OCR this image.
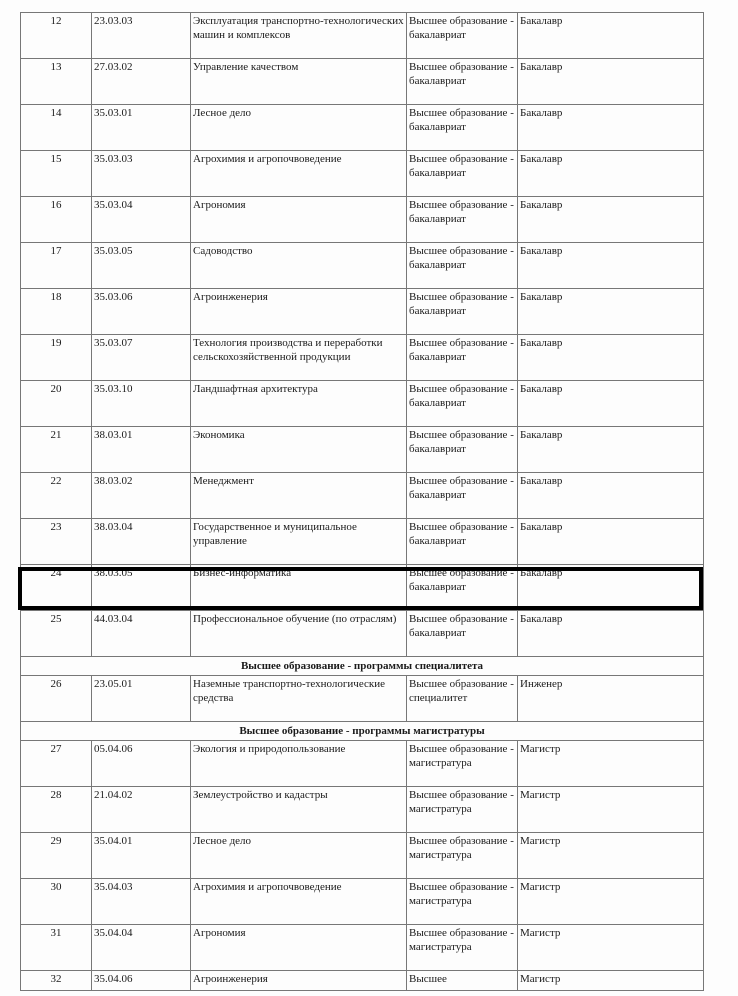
12	23.03.03	Эксплуатация транспортно-технологических машин и комплексов	Высшее образование - бакалавриат	Бакалавр
13	27.03.02	Управление качеством	Высшее образование - бакалавриат	Бакалавр
14	35.03.01	Лесное дело	Высшее образование - бакалавриат	Бакалавр
15	35.03.03	Агрохимия и агропочвоведение	Высшее образование - бакалавриат	Бакалавр
16	35.03.04	Агрономия	Высшее образование - бакалавриат	Бакалавр
17	35.03.05	Садоводство	Высшее образование - бакалавриат	Бакалавр
18	35.03.06	Агроинженерия	Высшее образование - бакалавриат	Бакалавр
19	35.03.07	Технология производства и переработки сельскохозяйственной продукции	Высшее образование - бакалавриат	Бакалавр
20	35.03.10	Ландшафтная архитектура	Высшее образование - бакалавриат	Бакалавр
21	38.03.01	Экономика	Высшее образование - бакалавриат	Бакалавр
22	38.03.02	Менеджмент	Высшее образование - бакалавриат	Бакалавр
23	38.03.04	Государственное и муниципальное управление	Высшее образование - бакалавриат	Бакалавр
24	38.03.05	Бизнес-информатика	Высшее образование - бакалавриат	Бакалавр
25	44.03.04	Профессиональное обучение (по отраслям)	Высшее образование - бакалавриат	Бакалавр
Высшее образование - программы специалитета				
26	23.05.01	Наземные транспортно-технологические средства	Высшее образование - специалитет	Инженер
Высшее образование - программы магистратуры				
27	05.04.06	Экология и природопользование	Высшее образование - магистратура	Магистр
28	21.04.02	Землеустройство и кадастры	Высшее образование - магистратура	Магистр
29	35.04.01	Лесное дело	Высшее образование - магистратура	Магистр
30	35.04.03	Агрохимия и агропочвоведение	Высшее образование - магистратура	Магистр
31	35.04.04	Агрономия	Высшее образование - магистратура	Магистр
32	35.04.06	Агроинженерия	Высшее	Магистр
